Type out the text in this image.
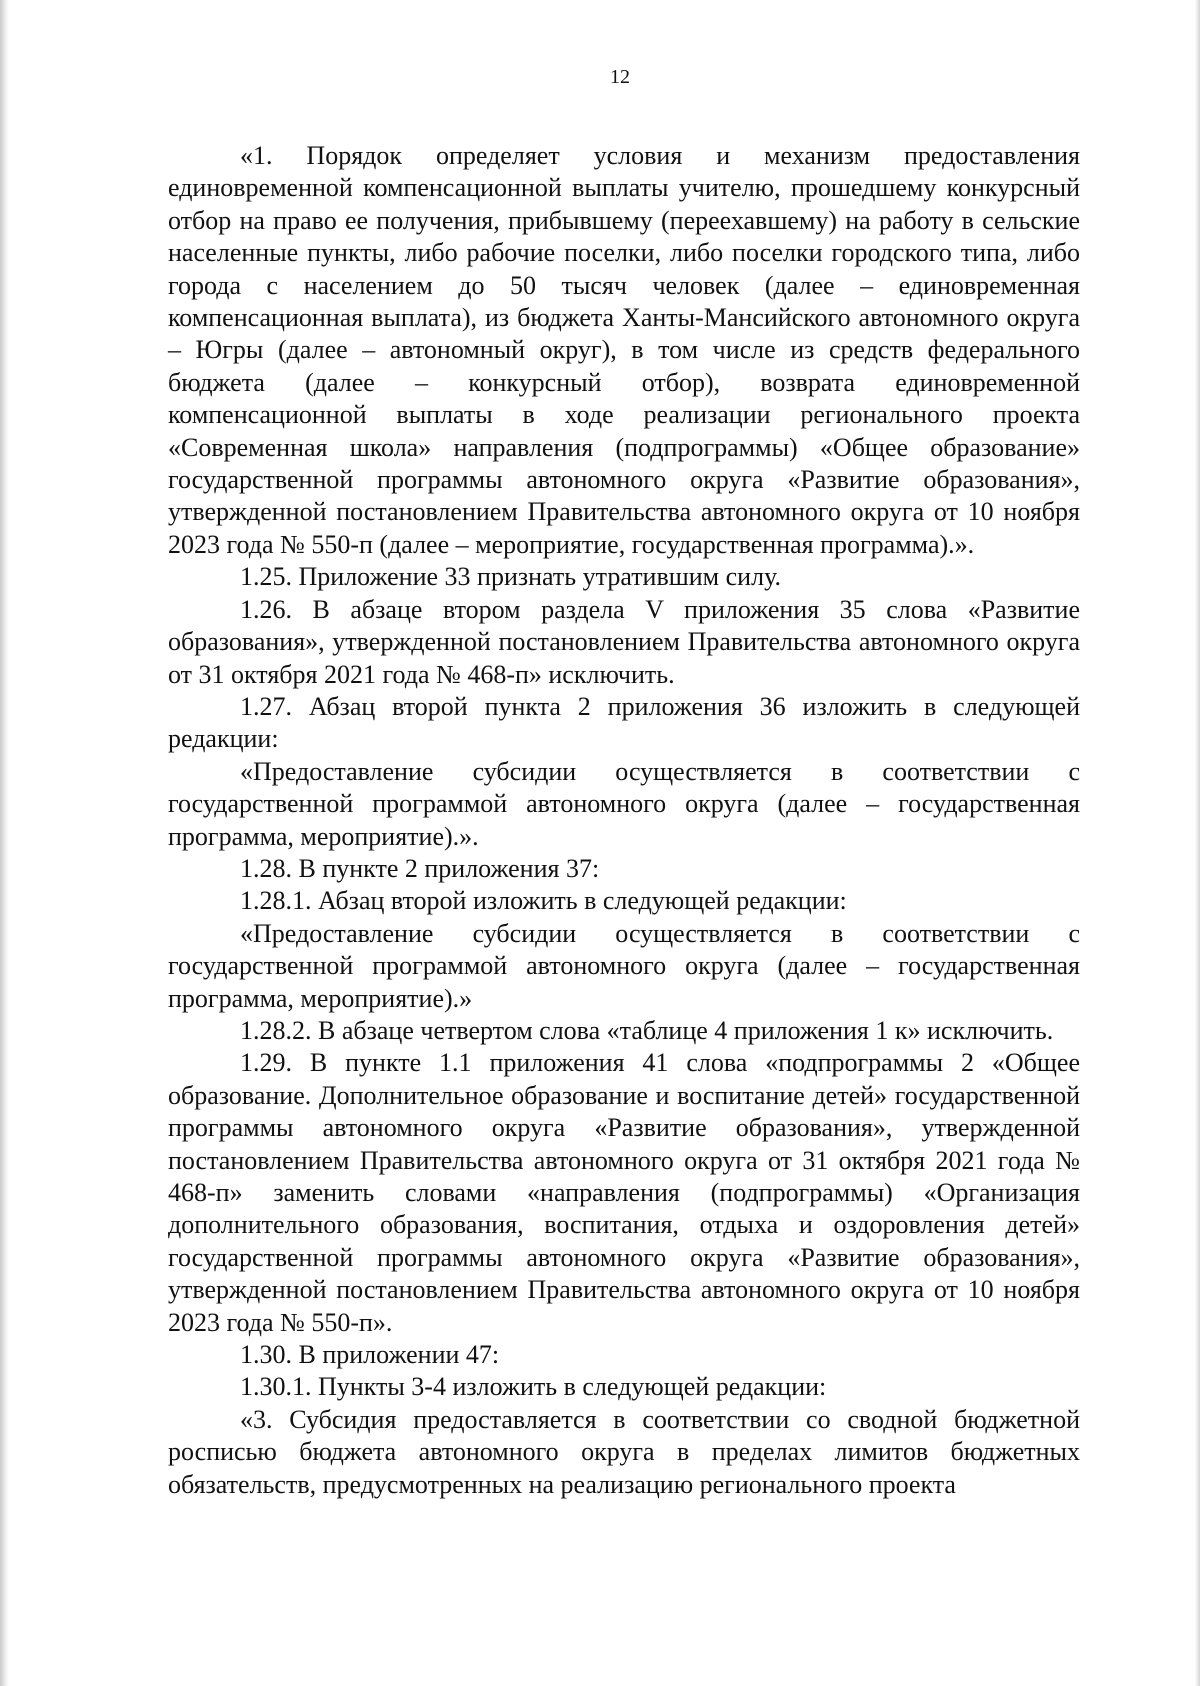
12

«1. Порядок определяет условия и механизм предоставления единовременной компенсационной выплаты учителю, прошедшему конкурсный отбор на право ее получения, прибывшему (переехавшему) на работу в сельские населенные пункты, либо рабочие поселки, либо поселки городского типа, либо города с населением до 50 тысяч человек (далее – единовременная компенсационная выплата), из бюджета Ханты-Мансийского автономного округа – Югры (далее – автономный округ), в том числе из средств федерального бюджета (далее – конкурсный отбор), возврата единовременной компенсационной выплаты в ходе реализации регионального проекта «Современная школа» направления (подпрограммы) «Общее образование» государственной программы автономного округа «Развитие образования», утвержденной постановлением Правительства автономного округа от 10 ноября 2023 года № 550-п (далее – мероприятие, государственная программа).».

1.25. Приложение 33 признать утратившим силу.

1.26. В абзаце втором раздела V приложения 35 слова «Развитие образования», утвержденной постановлением Правительства автономного округа от 31 октября 2021 года № 468-п» исключить.

1.27. Абзац второй пункта 2 приложения 36 изложить в следующей редакции:

«Предоставление субсидии осуществляется в соответствии с государственной программой автономного округа (далее – государственная программа, мероприятие).».

1.28. В пункте 2 приложения 37:

1.28.1. Абзац второй изложить в следующей редакции:

«Предоставление субсидии осуществляется в соответствии с государственной программой автономного округа (далее – государственная программа, мероприятие).»

1.28.2. В абзаце четвертом слова «таблице 4 приложения 1 к» исключить.

1.29. В пункте 1.1 приложения 41 слова «подпрограммы 2 «Общее образование. Дополнительное образование и воспитание детей» государственной программы автономного округа «Развитие образования», утвержденной постановлением Правительства автономного округа от 31 октября 2021 года № 468-п» заменить словами «направления (подпрограммы) «Организация дополнительного образования, воспитания, отдыха и оздоровления детей» государственной программы автономного округа «Развитие образования», утвержденной постановлением Правительства автономного округа от 10 ноября 2023 года № 550-п».

1.30. В приложении 47:

1.30.1. Пункты 3-4 изложить в следующей редакции:

«3. Субсидия предоставляется в соответствии со сводной бюджетной росписью бюджета автономного округа в пределах лимитов бюджетных обязательств, предусмотренных на реализацию регионального проекта
